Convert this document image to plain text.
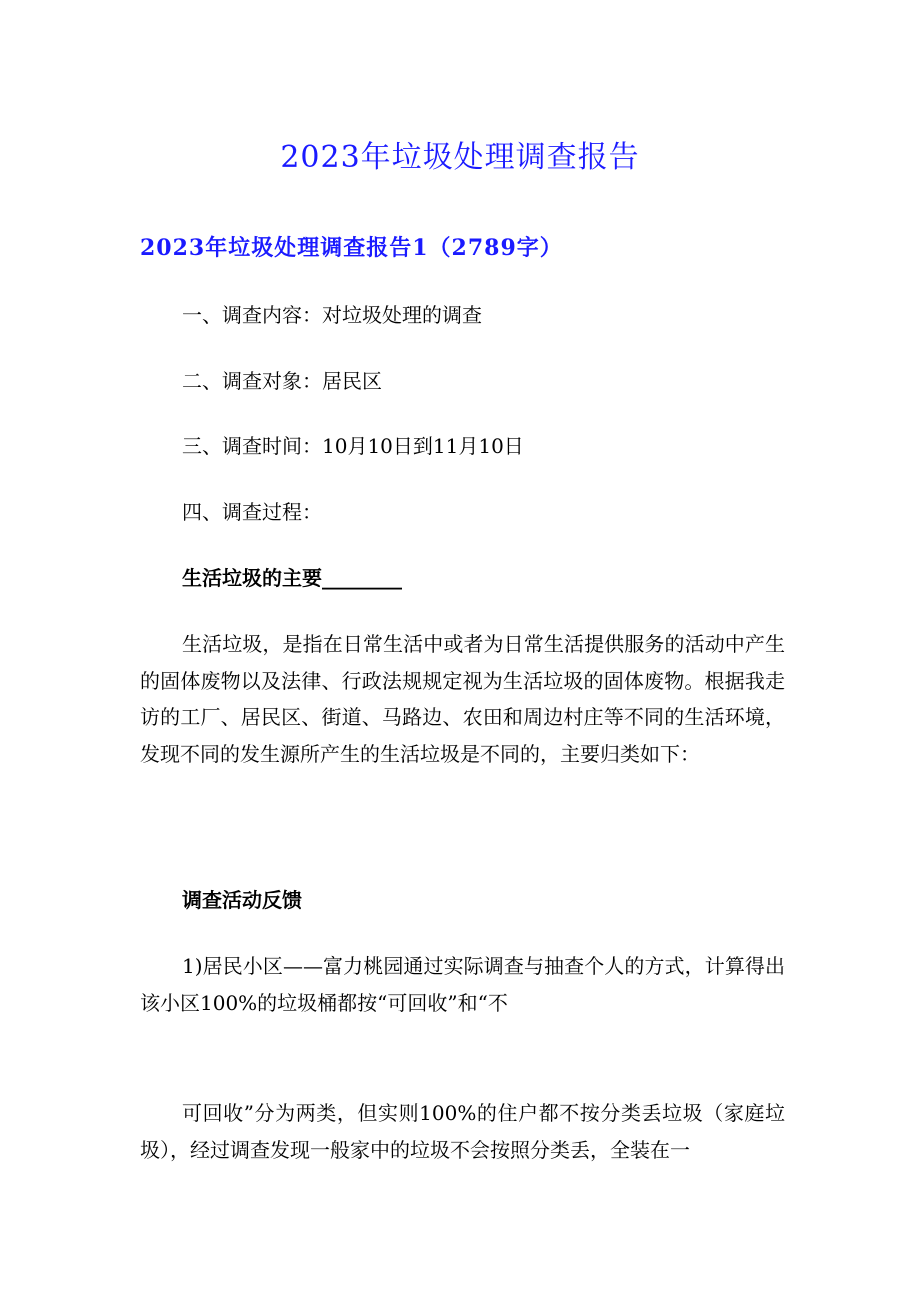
2023年垃圾处理调查报告
2023年垃圾处理调查报告1（2789字）
一、调查内容：对垃圾处理的调查
二、调查对象：居民区
三、调查时间：10月10日到11月10日
四、调查过程：
生活垃圾的主要________
生活垃圾，是指在日常生活中或者为日常生活提供服务的活动中产生的固体废物以及法律、行政法规规定视为生活垃圾的固体废物。根据我走访的工厂、居民区、街道、马路边、农田和周边村庄等不同的生活环境，发现不同的发生源所产生的生活垃圾是不同的，主要归类如下：
调查活动反馈
1)居民小区——富力桃园通过实际调查与抽查个人的方式，计算得出该小区100%的垃圾桶都按“可回收”和“不
可回收”分为两类，但实则100%的住户都不按分类丢垃圾（家庭垃圾），经过调查发现一般家中的垃圾不会按照分类丢，全装在一
